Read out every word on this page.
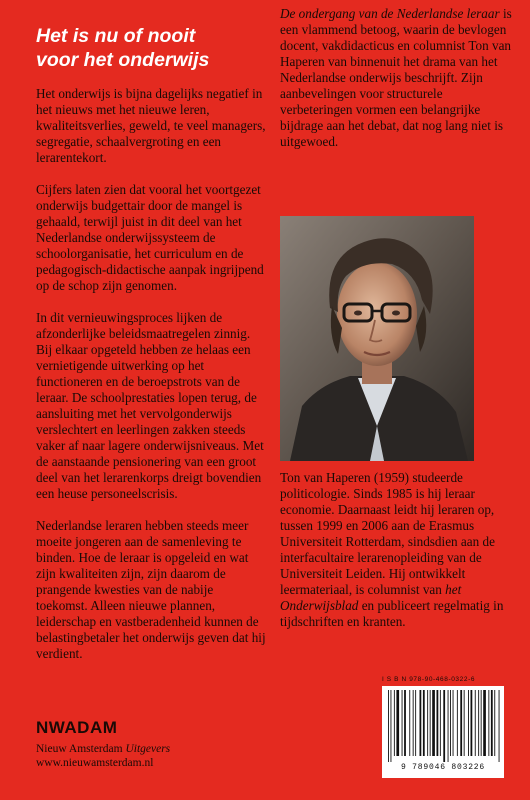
Het is nu of nooit
voor het onderwijs

Het onderwijs is bijna dagelijks negatief in het nieuws met het nieuwe leren, kwaliteitsverlies, geweld, te veel managers, segregatie, schaalvergroting en een lerarentekort.

Cijfers laten zien dat vooral het voortgezet onderwijs budgettair door de mangel is gehaald, terwijl juist in dit deel van het Nederlandse onderwijssysteem de schoolorganisatie, het curriculum en de pedagogisch-didactische aanpak ingrijpend op de schop zijn genomen.

In dit vernieuwingsproces lijken de afzonderlijke beleidsmaatregelen zinnig. Bij elkaar opgeteld hebben ze helaas een vernietigende uitwerking op het functioneren en de beroepstrots van de leraar. De schoolprestaties lopen terug, de aansluiting met het vervolgonderwijs verslechtert en leerlingen zakken steeds vaker af naar lagere onderwijsniveaus. Met de aanstaande pensionering van een groot deel van het lerarenkorps dreigt bovendien een heuse personeelscrisis.

Nederlandse leraren hebben steeds meer moeite jongeren aan de samenleving te binden. Hoe de leraar is opgeleid en wat zijn kwaliteiten zijn, zijn daarom de prangende kwesties van de nabije toekomst. Alleen nieuwe plannen, leiderschap en vastberadenheid kunnen de belastingbetaler het onderwijs geven dat hij verdient.

De ondergang van de Nederlandse leraar is een vlammend betoog, waarin de bevlogen docent, vakdidacticus en columnist Ton van Haperen van binnenuit het drama van het Nederlandse onderwijs beschrijft. Zijn aanbevelingen voor structurele verbeteringen vormen een belangrijke bijdrage aan het debat, dat nog lang niet is uitgewoed.

Ton van Haperen (1959) studeerde politicologie. Sinds 1985 is hij leraar economie. Daarnaast leidt hij leraren op, tussen 1999 en 2006 aan de Erasmus Universiteit Rotterdam, sindsdien aan de interfacultaire lerarenopleiding van de Universiteit Leiden. Hij ontwikkelt leermateriaal, is columnist van het Onderwijsblad en publiceert regelmatig in tijdschriften en kranten.

NWADAM
Nieuw Amsterdam Uitgevers
www.nieuwamsterdam.nl
I S B N 978-90-468-0322-6
9 789046 803226
